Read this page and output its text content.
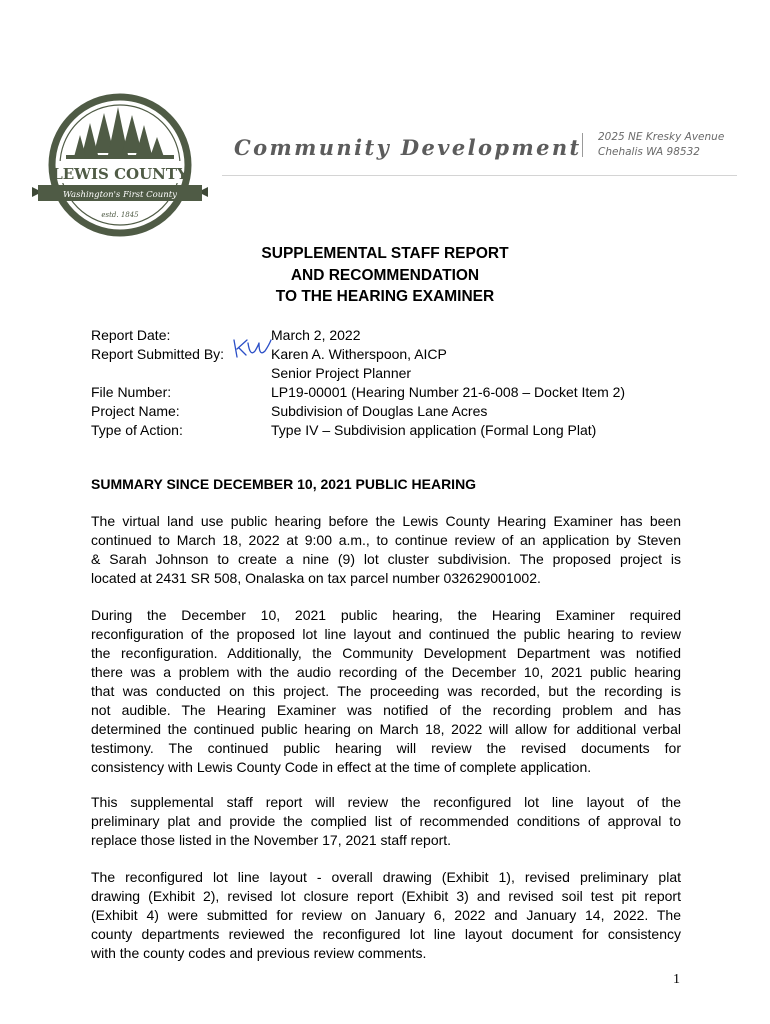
LEWIS COUNTY
Washington's First County
estd. 1845
Community Development 2025 NE Kresky Avenue
Chehalis WA 98532
SUPPLEMENTAL STAFF REPORT
AND RECOMMENDATION
TO THE HEARING EXAMINER
Report Date:	March 2, 2022
Report Submitted By:	Karen A. Witherspoon, AICP
Senior Project Planner
File Number:	LP19-00001 (Hearing Number 21-6-008 – Docket Item 2)
Project Name:	Subdivision of Douglas Lane Acres
Type of Action:	Type IV – Subdivision application (Formal Long Plat)
SUMMARY SINCE DECEMBER 10, 2021 PUBLIC HEARING
The virtual land use public hearing before the Lewis County Hearing Examiner has been
continued to March 18, 2022 at 9:00 a.m., to continue review of an application by Steven
& Sarah Johnson to create a nine (9) lot cluster subdivision. The proposed project is
located at 2431 SR 508, Onalaska on tax parcel number 032629001002.
During the December 10, 2021 public hearing, the Hearing Examiner required
reconfiguration of the proposed lot line layout and continued the public hearing to review
the reconfiguration. Additionally, the Community Development Department was notified
there was a problem with the audio recording of the December 10, 2021 public hearing
that was conducted on this project. The proceeding was recorded, but the recording is
not audible. The Hearing Examiner was notified of the recording problem and has
determined the continued public hearing on March 18, 2022 will allow for additional verbal
testimony. The continued public hearing will review the revised documents for
consistency with Lewis County Code in effect at the time of complete application.
This supplemental staff report will review the reconfigured lot line layout of the
preliminary plat and provide the complied list of recommended conditions of approval to
replace those listed in the November 17, 2021 staff report.
The reconfigured lot line layout - overall drawing (Exhibit 1), revised preliminary plat
drawing (Exhibit 2), revised lot closure report (Exhibit 3) and revised soil test pit report
(Exhibit 4) were submitted for review on January 6, 2022 and January 14, 2022. The
county departments reviewed the reconfigured lot line layout document for consistency
with the county codes and previous review comments.
1
